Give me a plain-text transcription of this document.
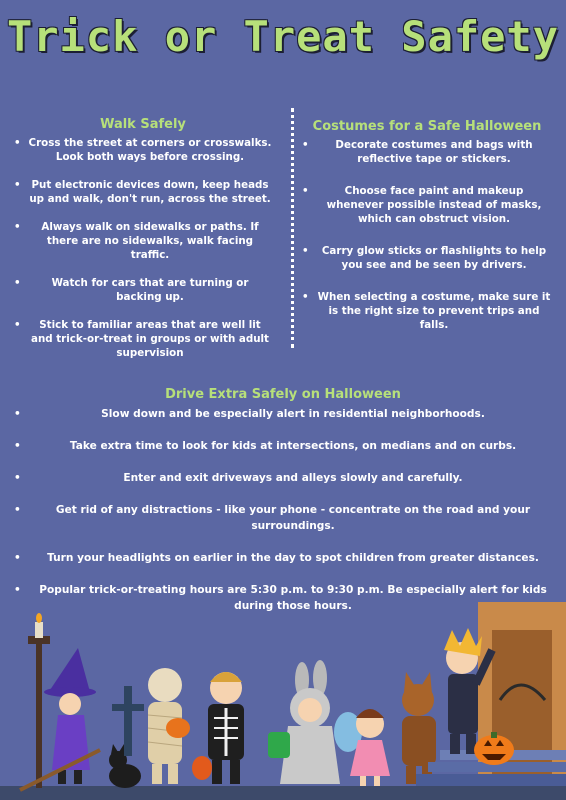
Trick or Treat Safety
Walk Safely
• Cross the street at corners or crosswalks. Look both ways before crossing.
• Put electronic devices down, keep heads up and walk, don't run, across the street.
• Always walk on sidewalks or paths. If there are no sidewalks, walk facing traffic.
• Watch for cars that are turning or backing up.
• Stick to familiar areas that are well lit and trick-or-treat in groups or with adult supervision
Costumes for a Safe Halloween
• Decorate costumes and bags with reflective tape or stickers.
• Choose face paint and makeup whenever possible instead of masks, which can obstruct vision.
• Carry glow sticks or flashlights to help you see and be seen by drivers.
• When selecting a costume, make sure it is the right size to prevent trips and falls.
Drive Extra Safely on Halloween
• Slow down and be especially alert in residential neighborhoods.
• Take extra time to look for kids at intersections, on medians and on curbs.
• Enter and exit driveways and alleys slowly and carefully.
• Get rid of any distractions - like your phone - concentrate on the road and your surroundings.
• Turn your headlights on earlier in the day to spot children from greater distances.
• Popular trick-or-treating hours are 5:30 p.m. to 9:30 p.m. Be especially alert for kids during those hours.
